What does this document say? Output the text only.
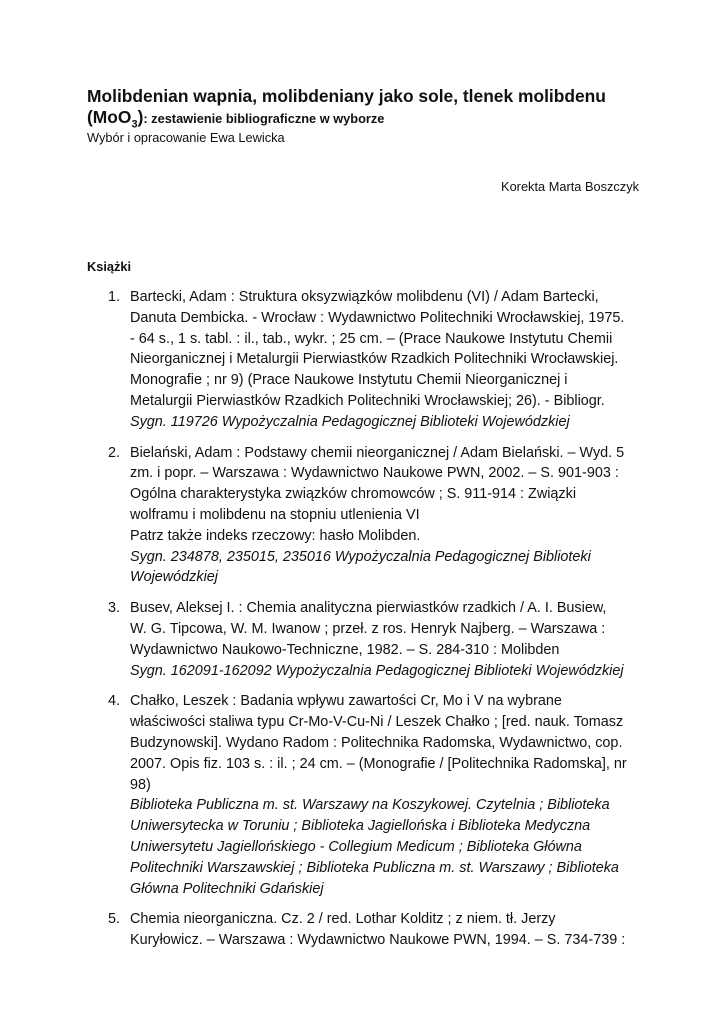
Molibdenian wapnia, molibdeniany jako sole, tlenek molibdenu
(MoO$_3$): zestawienie bibliograficzne w wyborze
Wybór i opracowanie Ewa Lewicka
Korekta Marta Boszczyk
Książki
1. Bartecki, Adam : Struktura oksyzwiązków molibdenu (VI) / Adam Bartecki,
Danuta Dembicka. - Wrocław : Wydawnictwo Politechniki Wrocławskiej, 1975.
- 64 s., 1 s. tabl. : il., tab., wykr. ; 25 cm. – (Prace Naukowe Instytutu Chemii
Nieorganicznej i Metalurgii Pierwiastków Rzadkich Politechniki Wrocławskiej.
Monografie ; nr 9) (Prace Naukowe Instytutu Chemii Nieorganicznej i
Metalurgii Pierwiastków Rzadkich Politechniki Wrocławskiej; 26). - Bibliogr.
Sygn. 119726 Wypożyczalnia Pedagogicznej Biblioteki Wojewódzkiej
2. Bielański, Adam : Podstawy chemii nieorganicznej / Adam Bielański. – Wyd. 5
zm. i popr. – Warszawa : Wydawnictwo Naukowe PWN, 2002. – S. 901-903 :
Ogólna charakterystyka związków chromowców ; S. 911-914 : Związki
wolframu i molibdenu na stopniu utlenienia VI
Patrz także indeks rzeczowy: hasło Molibden.
Sygn. 234878, 235015, 235016 Wypożyczalnia Pedagogicznej Biblioteki
Wojewódzkiej
3. Busev, Aleksej I. : Chemia analityczna pierwiastków rzadkich / A. I. Busiew,
W. G. Tipcowa, W. M. Iwanow ; przeł. z ros. Henryk Najberg. – Warszawa :
Wydawnictwo Naukowo-Techniczne, 1982. – S. 284-310 : Molibden
Sygn. 162091-162092 Wypożyczalnia Pedagogicznej Biblioteki Wojewódzkiej
4. Chałko, Leszek : Badania wpływu zawartości Cr, Mo i V na wybrane
właściwości staliwa typu Cr-Mo-V-Cu-Ni / Leszek Chałko ; [red. nauk. Tomasz
Budzynowski]. Wydano Radom : Politechnika Radomska, Wydawnictwo, cop.
2007. Opis fiz. 103 s. : il. ; 24 cm. – (Monografie / [Politechnika Radomska], nr
98)
Biblioteka Publiczna m. st. Warszawy na Koszykowej. Czytelnia ; Biblioteka
Uniwersytecka w Toruniu ; Biblioteka Jagiellońska i Biblioteka Medyczna
Uniwersytetu Jagiellońskiego - Collegium Medicum ; Biblioteka Główna
Politechniki Warszawskiej ; Biblioteka Publiczna m. st. Warszawy ; Biblioteka
Główna Politechniki Gdańskiej
5. Chemia nieorganiczna. Cz. 2 / red. Lothar Kolditz ; z niem. tł. Jerzy
Kuryłowicz. – Warszawa : Wydawnictwo Naukowe PWN, 1994. – S. 734-739 :
